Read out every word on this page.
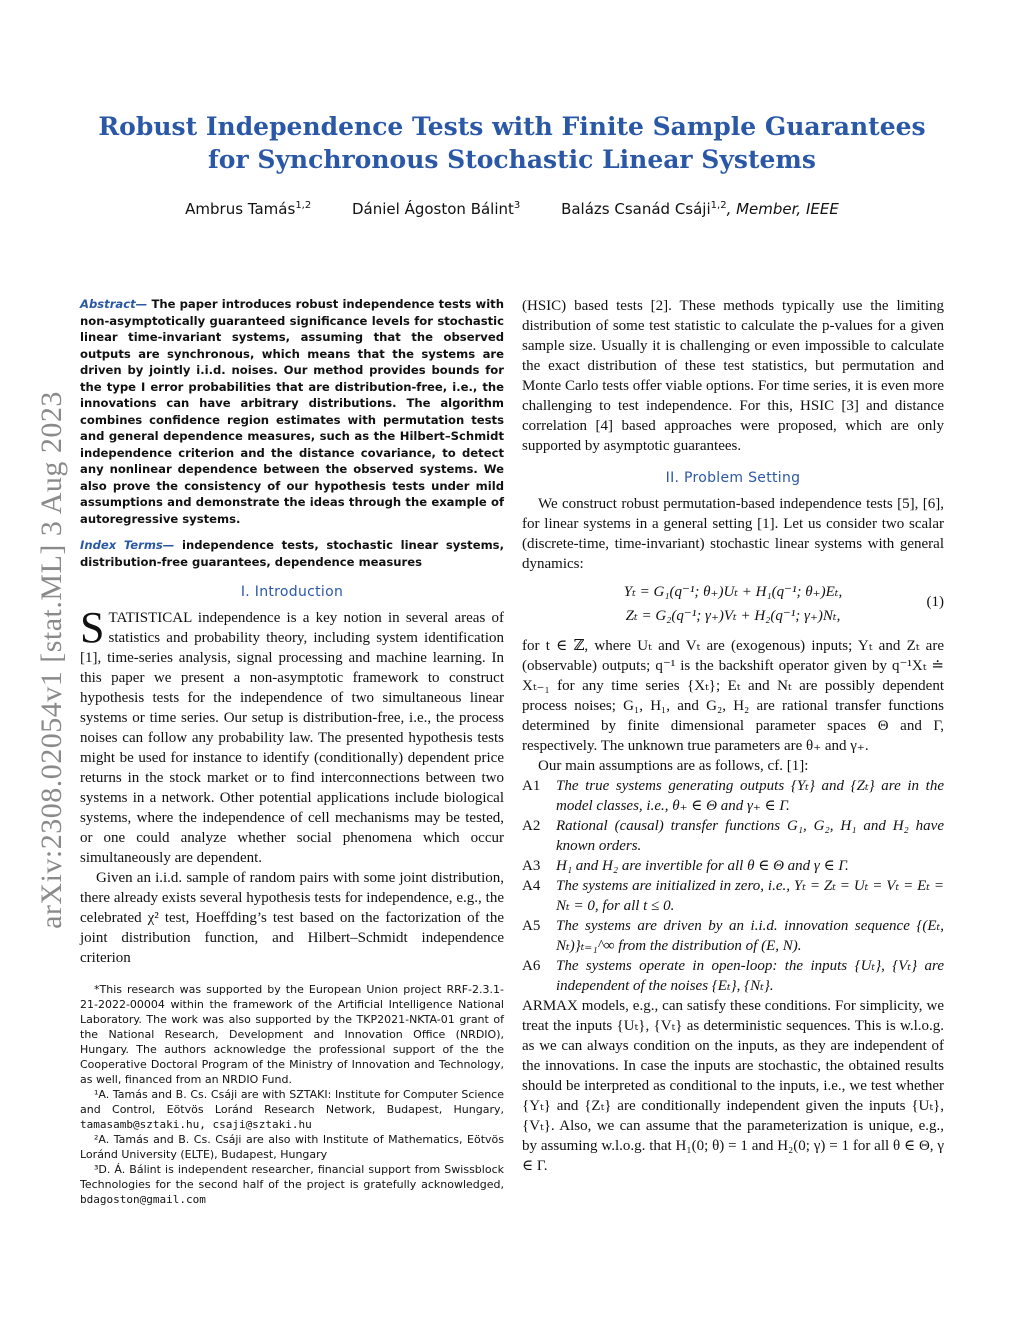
arXiv:2308.02054v1 [stat.ML] 3 Aug 2023
Robust Independence Tests with Finite Sample Guarantees
for Synchronous Stochastic Linear Systems
Ambrus Tamás$^{1,2}$	Dániel Ágoston Bálint$^3$	Balázs Csanád Csáji$^{1,2}$, Member, IEEE
Abstract— The paper introduces robust independence tests with non-asymptotically guaranteed significance levels for stochastic linear time-invariant systems, assuming that the observed outputs are synchronous, which means that the systems are driven by jointly i.i.d. noises. Our method provides bounds for the type I error probabilities that are distribution-free, i.e., the innovations can have arbitrary distributions. The algorithm combines confidence region estimates with permutation tests and general dependence measures, such as the Hilbert–Schmidt independence criterion and the distance covariance, to detect any nonlinear dependence between the observed systems. We also prove the consistency of our hypothesis tests under mild assumptions and demonstrate the ideas through the example of autoregressive systems.
Index Terms— independence tests, stochastic linear systems, distribution-free guarantees, dependence measures
I. Introduction

STATISTICAL independence is a key notion in several areas of statistics and probability theory, including system identification [1], time-series analysis, signal processing and machine learning. In this paper we present a non-asymptotic framework to construct hypothesis tests for the independence of two simultaneous linear systems or time series. Our setup is distribution-free, i.e., the process noises can follow any probability law. The presented hypothesis tests might be used for instance to identify (conditionally) dependent price returns in the stock market or to find interconnections between two systems in a network. Other potential applications include biological systems, where the independence of cell mechanisms may be tested, or one could analyze whether social phenomena which occur simultaneously are dependent.

Given an i.i.d. sample of random pairs with some joint distribution, there already exists several hypothesis tests for independence, e.g., the celebrated χ² test, Hoeffding’s test based on the factorization of the joint distribution function, and Hilbert–Schmidt independence criterion

*This research was supported by the European Union project RRF-2.3.1-21-2022-00004 within the framework of the Artificial Intelligence National Laboratory. The work was also supported by the TKP2021-NKTA-01 grant of the National Research, Development and Innovation Office (NRDIO), Hungary. The authors acknowledge the professional support of the the Cooperative Doctoral Program of the Ministry of Innovation and Technology, as well, financed from an NRDIO Fund.

¹A. Tamás and B. Cs. Csáji are with SZTAKI: Institute for Computer Science and Control, Eötvös Loránd Research Network, Budapest, Hungary, tamasamb@sztaki.hu, csaji@sztaki.hu

²A. Tamás and B. Cs. Csáji are also with Institute of Mathematics, Eötvös Loránd University (ELTE), Budapest, Hungary

³D. Á. Bálint is independent researcher, financial support from Swissblock Technologies for the second half of the project is gratefully acknowledged, bdagoston@gmail.com

(HSIC) based tests [2]. These methods typically use the limiting distribution of some test statistic to calculate the p-values for a given sample size. Usually it is challenging or even impossible to calculate the exact distribution of these test statistics, but permutation and Monte Carlo tests offer viable options. For time series, it is even more challenging to test independence. For this, HSIC [3] and distance correlation [4] based approaches were proposed, which are only supported by asymptotic guarantees.

II. Problem Setting

We construct robust permutation-based independence tests [5], [6], for linear systems in a general setting [1]. Let us consider two scalar (discrete-time, time-invariant) stochastic linear systems with general dynamics:

Yₜ = G₁(q⁻¹; θ₊)Uₜ + H₁(q⁻¹; θ₊)Eₜ,
Zₜ = G₂(q⁻¹; γ₊)Vₜ + H₂(q⁻¹; γ₊)Nₜ,
(1)

for t ∈ ℤ, where Uₜ and Vₜ are (exogenous) inputs; Yₜ and Zₜ are (observable) outputs; q⁻¹ is the backshift operator given by q⁻¹Xₜ ≐ Xₜ₋₁ for any time series {Xₜ}; Eₜ and Nₜ are possibly dependent process noises; G₁, H₁, and G₂, H₂ are rational transfer functions determined by finite dimensional parameter spaces Θ and Γ, respectively. The unknown true parameters are θ₊ and γ₊.

Our main assumptions are as follows, cf. [1]:

A1	The true systems generating outputs {Yₜ} and {Zₜ} are in the model classes, i.e., θ₊ ∈ Θ and γ₊ ∈ Γ.
A2	Rational (causal) transfer functions G₁, G₂, H₁ and H₂ have known orders.
A3	H₁ and H₂ are invertible for all θ ∈ Θ and γ ∈ Γ.
A4	The systems are initialized in zero, i.e., Yₜ = Zₜ = Uₜ = Vₜ = Eₜ = Nₜ = 0, for all t ≤ 0.
A5	The systems are driven by an i.i.d. innovation sequence {(Eₜ, Nₜ)}ₜ₌₁^∞ from the distribution of (E, N).
A6	The systems operate in open-loop: the inputs {Uₜ}, {Vₜ} are independent of the noises {Eₜ}, {Nₜ}.

ARMAX models, e.g., can satisfy these conditions. For simplicity, we treat the inputs {Uₜ}, {Vₜ} as deterministic sequences. This is w.l.o.g. as we can always condition on the inputs, as they are independent of the innovations. In case the inputs are stochastic, the obtained results should be interpreted as conditional to the inputs, i.e., we test whether {Yₜ} and {Zₜ} are conditionally independent given the inputs {Uₜ}, {Vₜ}. Also, we can assume that the parameterization is unique, e.g., by assuming w.l.o.g. that H₁(0; θ) = 1 and H₂(0; γ) = 1 for all θ ∈ Θ, γ ∈ Γ.
